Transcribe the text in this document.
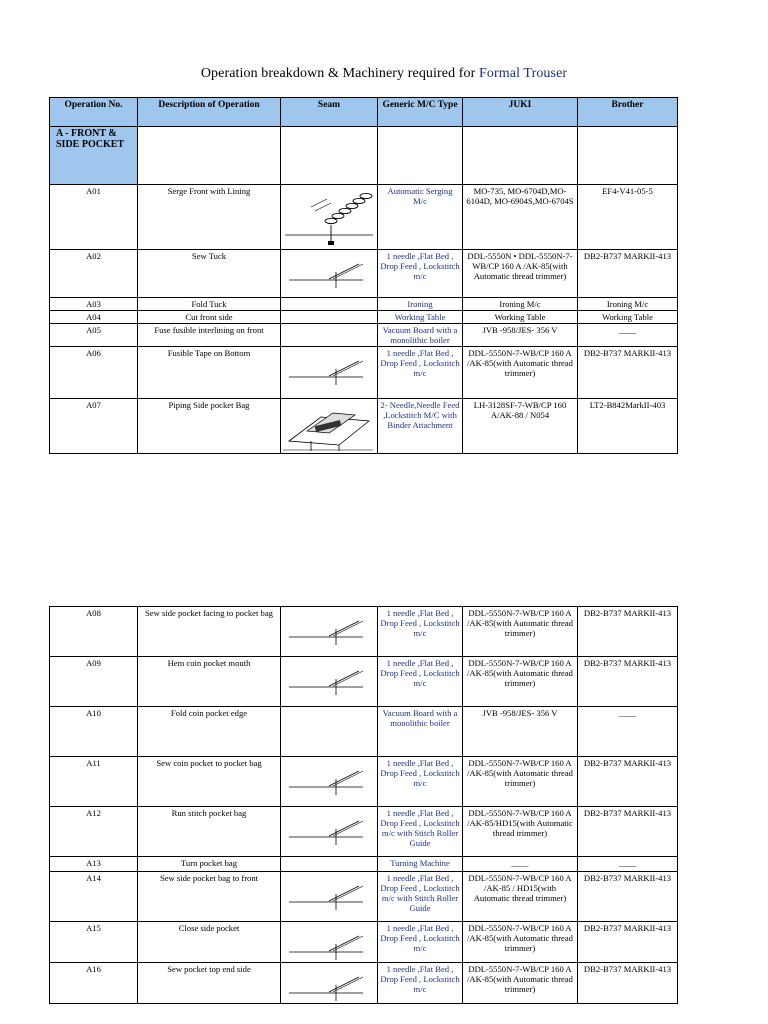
Operation breakdown & Machinery required for Formal Trouser
Operation No.	Description of Operation	Seam	Generic M/C Type	JUKI	Brother
A - FRONT & SIDE POCKET					
A01	Serge Front with Lining		Automatic Serging M/c	MO-735, MO-6704D,MO-6104D, MO-6904S,MO-6704S	EF4-V41-05-5
A02	Sew Tuck		1 needle ,Flat Bed , Drop Feed , Lockstitch m/c	DDL-5550N • DDL-5550N-7-WB/CP 160 A /AK-85(with Automatic thread trimmer)	DB2-B737 MARKII-413
A03	Fold Tuck		Ironing	Ironing M/c	Ironing M/c
A04	Cut front side		Working Table	Working Table	Working Table
A05	Fuse fusible interlining on front		Vacuum Board with a monolithic boiler	JVB -958/JES- 356 V	____
A06	Fusible Tape on Bottom		1 needle ,Flat Bed , Drop Feed , Lockstitch m/c	DDL-5550N-7-WB/CP 160 A /AK-85(with Automatic thread trimmer)	DB2-B737 MARKII-413
A07	Piping Side pocket Bag		2- Needle,Needle Feed ,Lockstitch M/C with Binder Attachment	LH-3128SF-7-WB/CP 160 A/AK-88 / N054	LT2-B842MarkII-403
A08	Sew side pocket facing to pocket bag		1 needle ,Flat Bed , Drop Feed , Lockstitch m/c	DDL-5550N-7-WB/CP 160 A /AK-85(with Automatic thread trimmer)	DB2-B737 MARKII-413
A09	Hem coin pocket mouth		1 needle ,Flat Bed , Drop Feed , Lockstitch m/c	DDL-5550N-7-WB/CP 160 A /AK-85(with Automatic thread trimmer)	DB2-B737 MARKII-413
A10	Fold coin pocket edge		Vacuum Board with a monolithic boiler	JVB -958/JES- 356 V	____
A11	Sew coin pocket to pocket bag		1 needle ,Flat Bed , Drop Feed , Lockstitch m/c	DDL-5550N-7-WB/CP 160 A /AK-85(with Automatic thread trimmer)	DB2-B737 MARKII-413
A12	Run stitch pocket bag		1 needle ,Flat Bed , Drop Feed , Lockstitch m/c with Stitch Roller Guide	DDL-5550N-7-WB/CP 160 A /AK-85/HD15(with Automatic thread trimmer)	DB2-B737 MARKII-413
A13	Turn pocket bag		Turning Machine	____	____
A14	Sew side pocket bag to front		1 needle ,Flat Bed , Drop Feed , Lockstitch m/c with Stitch Roller Guide	DDL-5550N-7-WB/CP 160 A /AK-85 / HD15(with Automatic thread trimmer)	DB2-B737 MARKII-413
A15	Close side pocket		1 needle ,Flat Bed , Drop Feed , Lockstitch m/c	DDL-5550N-7-WB/CP 160 A /AK-85(with Automatic thread trimmer)	DB2-B737 MARKII-413
A16	Sew pocket top end side		1 needle ,Flat Bed , Drop Feed , Lockstitch m/c	DDL-5550N-7-WB/CP 160 A /AK-85(with Automatic thread trimmer)	DB2-B737 MARKII-413
